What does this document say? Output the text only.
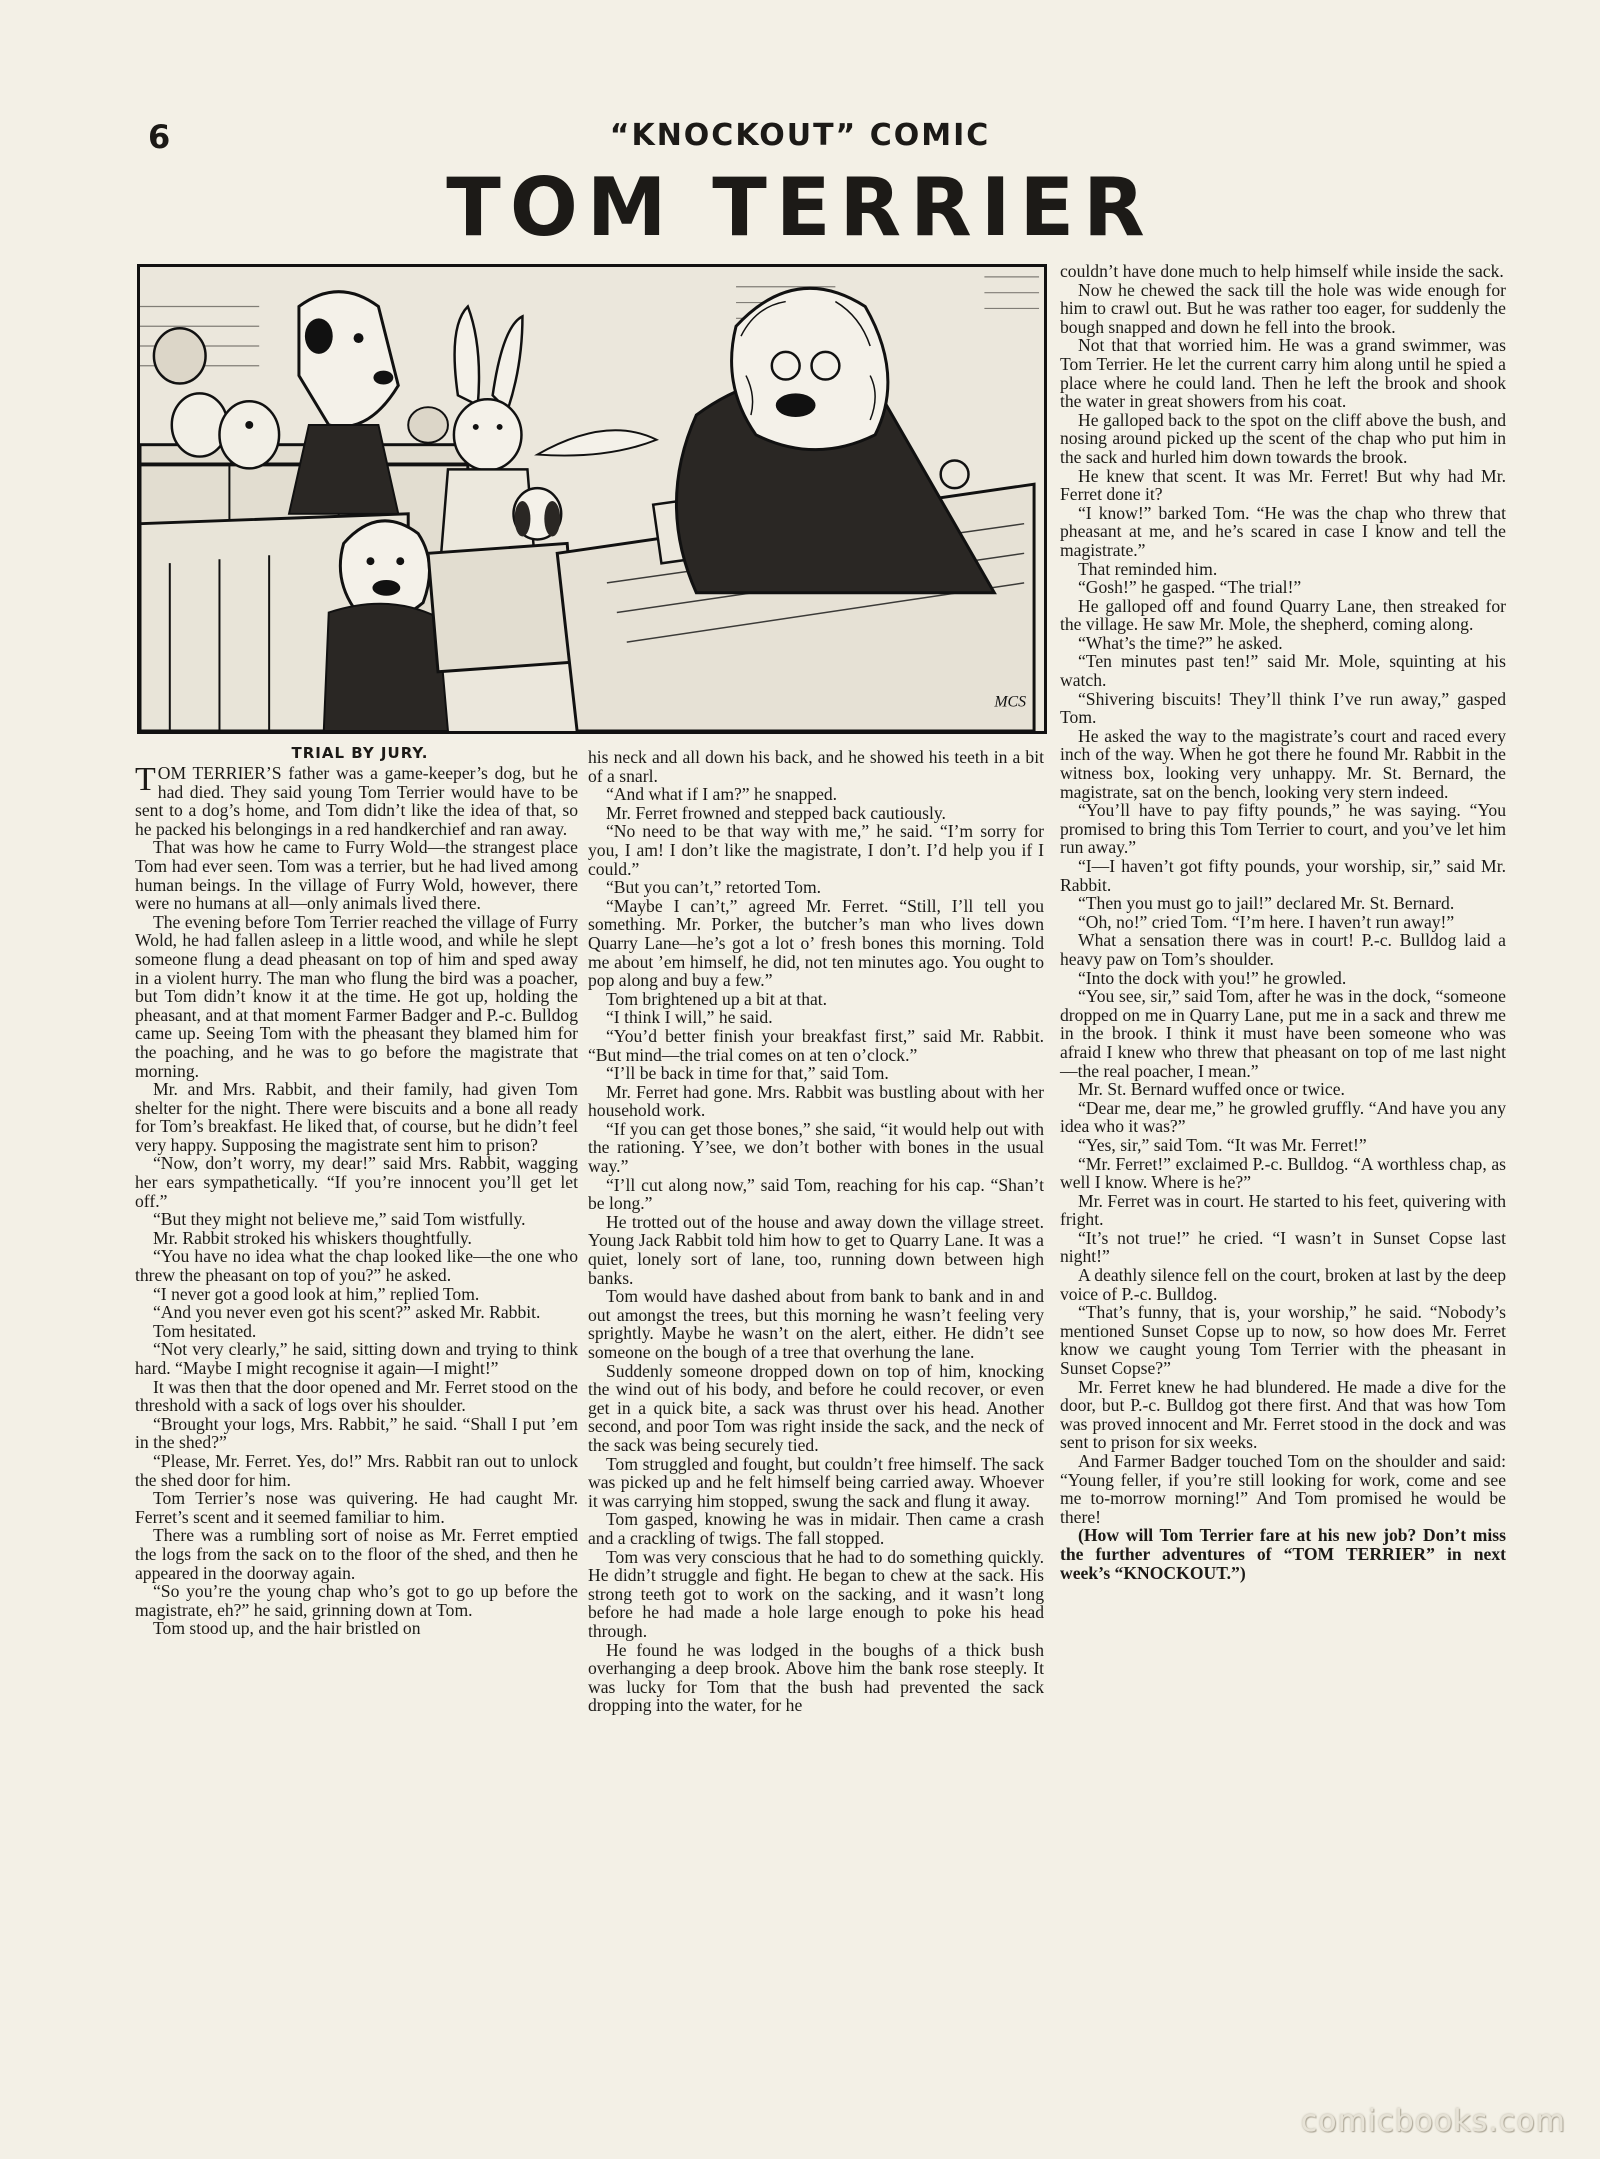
6	“KNOCKOUT” COMIC
TOM TERRIER
MCS
TRIAL BY JURY.

TOM TERRIER’S father was a game-keeper’s dog, but he had died. They said young Tom Terrier would have to be sent to a dog’s home, and Tom didn’t like the idea of that, so he packed his belongings in a red handkerchief and ran away.

That was how he came to Furry Wold—the strangest place Tom had ever seen. Tom was a terrier, but he had lived among human beings. In the village of Furry Wold, however, there were no humans at all—only animals lived there.

The evening before Tom Terrier reached the village of Furry Wold, he had fallen asleep in a little wood, and while he slept someone flung a dead pheasant on top of him and sped away in a violent hurry. The man who flung the bird was a poacher, but Tom didn’t know it at the time. He got up, holding the pheasant, and at that moment Farmer Badger and P.-c. Bulldog came up. Seeing Tom with the pheasant they blamed him for the poaching, and he was to go before the magistrate that morning.

Mr. and Mrs. Rabbit, and their family, had given Tom shelter for the night. There were biscuits and a bone all ready for Tom’s breakfast. He liked that, of course, but he didn’t feel very happy. Supposing the magistrate sent him to prison?

“Now, don’t worry, my dear!” said Mrs. Rabbit, wagging her ears sympathetically. “If you’re innocent you’ll get let off.”

“But they might not believe me,” said Tom wistfully.

Mr. Rabbit stroked his whiskers thoughtfully.

“You have no idea what the chap looked like—the one who threw the pheasant on top of you?” he asked.

“I never got a good look at him,” replied Tom.

“And you never even got his scent?” asked Mr. Rabbit.

Tom hesitated.

“Not very clearly,” he said, sitting down and trying to think hard. “Maybe I might recognise it again—I might!”

It was then that the door opened and Mr. Ferret stood on the threshold with a sack of logs over his shoulder.

“Brought your logs, Mrs. Rabbit,” he said. “Shall I put ’em in the shed?”

“Please, Mr. Ferret. Yes, do!” Mrs. Rabbit ran out to unlock the shed door for him.

Tom Terrier’s nose was quivering. He had caught Mr. Ferret’s scent and it seemed familiar to him.

There was a rumbling sort of noise as Mr. Ferret emptied the logs from the sack on to the floor of the shed, and then he appeared in the doorway again.

“So you’re the young chap who’s got to go up before the magistrate, eh?” he said, grinning down at Tom.

Tom stood up, and the hair bristled on

his neck and all down his back, and he showed his teeth in a bit of a snarl.

“And what if I am?” he snapped.

Mr. Ferret frowned and stepped back cautiously.

“No need to be that way with me,” he said. “I’m sorry for you, I am! I don’t like the magistrate, I don’t. I’d help you if I could.”

“But you can’t,” retorted Tom.

“Maybe I can’t,” agreed Mr. Ferret. “Still, I’ll tell you something. Mr. Porker, the butcher’s man who lives down Quarry Lane—he’s got a lot o’ fresh bones this morning. Told me about ’em himself, he did, not ten minutes ago. You ought to pop along and buy a few.”

Tom brightened up a bit at that.

“I think I will,” he said.

“You’d better finish your breakfast first,” said Mr. Rabbit. “But mind—the trial comes on at ten o’clock.”

“I’ll be back in time for that,” said Tom.

Mr. Ferret had gone. Mrs. Rabbit was bustling about with her household work.

“If you can get those bones,” she said, “it would help out with the rationing. Y’see, we don’t bother with bones in the usual way.”

“I’ll cut along now,” said Tom, reaching for his cap. “Shan’t be long.”

He trotted out of the house and away down the village street. Young Jack Rabbit told him how to get to Quarry Lane. It was a quiet, lonely sort of lane, too, running down between high banks.

Tom would have dashed about from bank to bank and in and out amongst the trees, but this morning he wasn’t feeling very sprightly. Maybe he wasn’t on the alert, either. He didn’t see someone on the bough of a tree that overhung the lane.

Suddenly someone dropped down on top of him, knocking the wind out of his body, and before he could recover, or even get in a quick bite, a sack was thrust over his head. Another second, and poor Tom was right inside the sack, and the neck of the sack was being securely tied.

Tom struggled and fought, but couldn’t free himself. The sack was picked up and he felt himself being carried away. Whoever it was carrying him stopped, swung the sack and flung it away.

Tom gasped, knowing he was in midair. Then came a crash and a crackling of twigs. The fall stopped.

Tom was very conscious that he had to do something quickly. He didn’t struggle and fight. He began to chew at the sack. His strong teeth got to work on the sacking, and it wasn’t long before he had made a hole large enough to poke his head through.

He found he was lodged in the boughs of a thick bush overhanging a deep brook. Above him the bank rose steeply. It was lucky for Tom that the bush had prevented the sack dropping into the water, for he

couldn’t have done much to help himself while inside the sack.

Now he chewed the sack till the hole was wide enough for him to crawl out. But he was rather too eager, for suddenly the bough snapped and down he fell into the brook.

Not that that worried him. He was a grand swimmer, was Tom Terrier. He let the current carry him along until he spied a place where he could land. Then he left the brook and shook the water in great showers from his coat.

He galloped back to the spot on the cliff above the bush, and nosing around picked up the scent of the chap who put him in the sack and hurled him down towards the brook.

He knew that scent. It was Mr. Ferret! But why had Mr. Ferret done it?

“I know!” barked Tom. “He was the chap who threw that pheasant at me, and he’s scared in case I know and tell the magistrate.”

That reminded him.

“Gosh!” he gasped. “The trial!”

He galloped off and found Quarry Lane, then streaked for the village. He saw Mr. Mole, the shepherd, coming along.

“What’s the time?” he asked.

“Ten minutes past ten!” said Mr. Mole, squinting at his watch.

“Shivering biscuits! They’ll think I’ve run away,” gasped Tom.

He asked the way to the magistrate’s court and raced every inch of the way. When he got there he found Mr. Rabbit in the witness box, looking very unhappy. Mr. St. Bernard, the magistrate, sat on the bench, looking very stern indeed.

“You’ll have to pay fifty pounds,” he was saying. “You promised to bring this Tom Terrier to court, and you’ve let him run away.”

“I—I haven’t got fifty pounds, your worship, sir,” said Mr. Rabbit.

“Then you must go to jail!” declared Mr. St. Bernard.

“Oh, no!” cried Tom. “I’m here. I haven’t run away!”

What a sensation there was in court! P.-c. Bulldog laid a heavy paw on Tom’s shoulder.

“Into the dock with you!” he growled.

“You see, sir,” said Tom, after he was in the dock, “someone dropped on me in Quarry Lane, put me in a sack and threw me in the brook. I think it must have been someone who was afraid I knew who threw that pheasant on top of me last night—the real poacher, I mean.”

Mr. St. Bernard wuffed once or twice.

“Dear me, dear me,” he growled gruffly. “And have you any idea who it was?”

“Yes, sir,” said Tom. “It was Mr. Ferret!”

“Mr. Ferret!” exclaimed P.-c. Bulldog. “A worthless chap, as well I know. Where is he?”

Mr. Ferret was in court. He started to his feet, quivering with fright.

“It’s not true!” he cried. “I wasn’t in Sunset Copse last night!”

A deathly silence fell on the court, broken at last by the deep voice of P.-c. Bulldog.

“That’s funny, that is, your worship,” he said. “Nobody’s mentioned Sunset Copse up to now, so how does Mr. Ferret know we caught young Tom Terrier with the pheasant in Sunset Copse?”

Mr. Ferret knew he had blundered. He made a dive for the door, but P.-c. Bulldog got there first. And that was how Tom was proved innocent and Mr. Ferret stood in the dock and was sent to prison for six weeks.

And Farmer Badger touched Tom on the shoulder and said: “Young feller, if you’re still looking for work, come and see me to-morrow morning!” And Tom promised he would be there!

(How will Tom Terrier fare at his new job? Don’t miss the further adventures of “TOM TERRIER” in next week’s “KNOCKOUT.”)

comicbooks.com
